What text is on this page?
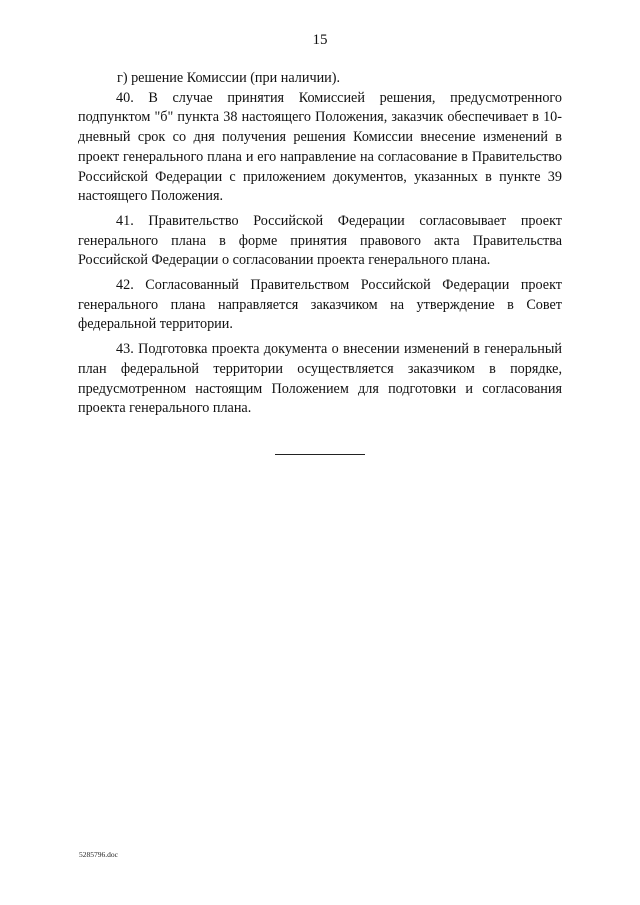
15

г) решение Комиссии (при наличии).

40. В случае принятия Комиссией решения, предусмотренного подпунктом "б" пункта 38 настоящего Положения, заказчик обеспечивает в 10-дневный срок со дня получения решения Комиссии внесение изменений в проект генерального плана и его направление на согласование в Правительство Российской Федерации с приложением документов, указанных в пункте 39 настоящего Положения.

41. Правительство Российской Федерации согласовывает проект генерального плана в форме принятия правового акта Правительства Российской Федерации о согласовании проекта генерального плана.

42. Согласованный Правительством Российской Федерации проект генерального плана направляется заказчиком на утверждение в Совет федеральной территории.

43. Подготовка проекта документа о внесении изменений в генеральный план федеральной территории осуществляется заказчиком в порядке, предусмотренном настоящим Положением для подготовки и согласования проекта генерального плана.

5285796.doc
